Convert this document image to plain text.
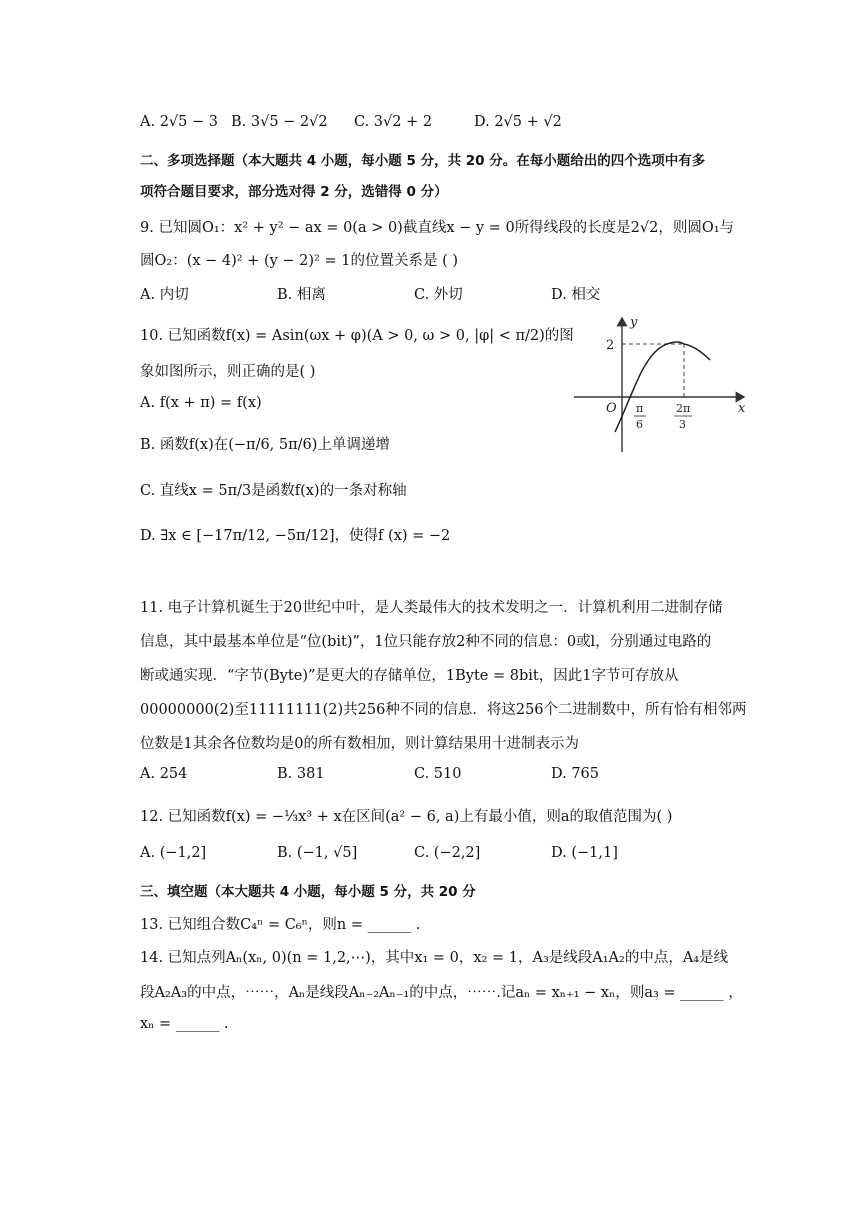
A. 2√5 − 3 B. 3√5 − 2√2 C. 3√2 + 2	D. 2√5 + √2
二、多项选择题（本大题共 4 小题，每小题 5 分，共 20 分。在每小题给出的四个选项中有多
项符合题目要求，部分选对得 2 分，选错得 0 分）
9. 已知圆O₁：x² + y² − ax = 0(a > 0)截直线x − y = 0所得线段的长度是2√2，则圆O₁与
圆O₂：(x − 4)² + (y − 2)² = 1的位置关系是 ( )
A. 内切	B. 相离	C. 外切	D. 相交
10. 已知函数f(x) = Asin(ωx + φ)(A > 0, ω > 0, |φ| < π/2)的图
象如图所示，则正确的是( )
A. f(x + π) = f(x)
B. 函数f(x)在(−π/6, 5π/6)上单调递增
C. 直线x = 5π/3是函数f(x)的一条对称轴
D. ∃x ∈ [−17π/12, −5π/12]，使得f (x) = −2
y
x
O
2
π
6
2π
3
11. 电子计算机诞生于20世纪中叶，是人类最伟大的技术发明之一．计算机利用二进制存储
信息，其中最基本单位是“位(bit)”，1位只能存放2种不同的信息：0或l，分别通过电路的
断或通实现．“字节(Byte)”是更大的存储单位，1Byte = 8bit，因此1字节可存放从
00000000(2)至11111111(2)共256种不同的信息．将这256个二进制数中，所有恰有相邻两
位数是1其余各位数均是0的所有数相加，则计算结果用十进制表示为
A. 254	B. 381	C. 510	D. 765
12. 已知函数f(x) = −⅓x³ + x在区间(a² − 6, a)上有最小值，则a的取值范围为( )
A. (−1,2]	B. (−1, √5]	C. (−2,2]	D. (−1,1]
三、填空题（本大题共 4 小题，每小题 5 分，共 20 分
13. 已知组合数C₄ⁿ = C₆ⁿ，则n = ______ .
14. 已知点列Aₙ(xₙ, 0)(n = 1,2,⋯)，其中x₁ = 0，x₂ = 1，A₃是线段A₁A₂的中点，A₄是线
段A₂A₃的中点，⋯⋯，Aₙ是线段Aₙ₋₂Aₙ₋₁的中点，⋯⋯.记aₙ = xₙ₊₁ − xₙ，则a₃ = ______ ，
xₙ = ______ .
